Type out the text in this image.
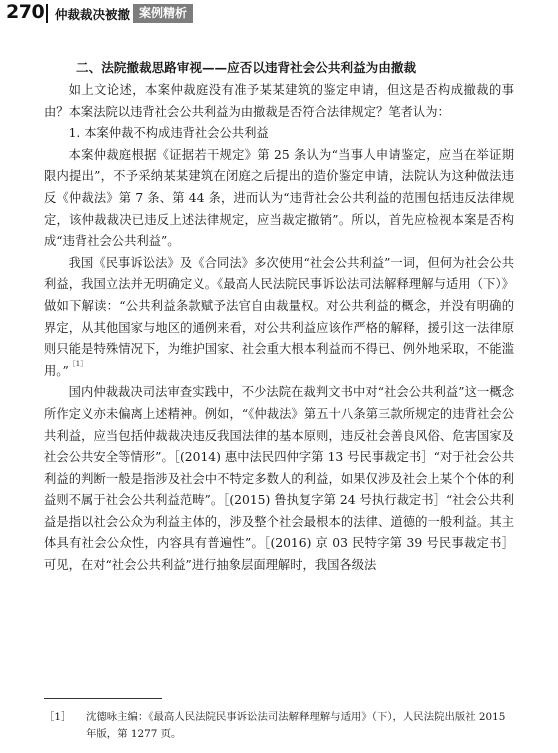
270 仲裁裁决被撤 案例精析
二、法院撤裁思路审视——应否以违背社会公共利益为由撤裁

如上文论述，本案仲裁庭没有准予某某建筑的鉴定申请，但这是否构成撤裁的事由？本案法院以违背社会公共利益为由撤裁是否符合法律规定？笔者认为：

1. 本案仲裁不构成违背社会公共利益

本案仲裁庭根据《证据若干规定》第 25 条认为“当事人申请鉴定，应当在举证期限内提出”，不予采纳某某建筑在闭庭之后提出的造价鉴定申请，法院认为这种做法违反《仲裁法》第 7 条、第 44 条，进而认为“违背社会公共利益的范围包括违反法律规定，该仲裁裁决已违反上述法律规定，应当裁定撤销”。所以，首先应检视本案是否构成“违背社会公共利益”。

我国《民事诉讼法》及《合同法》多次使用“社会公共利益”一词，但何为社会公共利益，我国立法并无明确定义。《最高人民法院民事诉讼法司法解释理解与适用（下）》做如下解读：“公共利益条款赋予法官自由裁量权。对公共利益的概念，并没有明确的界定，从其他国家与地区的通例来看，对公共利益应该作严格的解释，援引这一法律原则只能是特殊情况下，为维护国家、社会重大根本利益而不得已、例外地采取，不能滥用。”$^{[1]}$

国内仲裁裁决司法审查实践中，不少法院在裁判文书中对“社会公共利益”这一概念所作定义亦未偏离上述精神。例如，“《仲裁法》第五十八条第三款所规定的违背社会公共利益，应当包括仲裁裁决违反我国法律的基本原则，违反社会善良风俗、危害国家及社会公共安全等情形”。［(2014) 惠中法民四仲字第 13 号民事裁定书］“对于社会公共利益的判断一般是指涉及社会中不特定多数人的利益，如果仅涉及社会上某个个体的利益则不属于社会公共利益范畴”。［(2015) 鲁执复字第 24 号执行裁定书］“社会公共利益是指以社会公众为利益主体的，涉及整个社会最根本的法律、道德的一般利益。其主体具有社会公众性，内容具有普遍性”。［(2016) 京 03 民特字第 39 号民事裁定书］可见，在对“社会公共利益”进行抽象层面理解时，我国各级法

［1］ 沈德咏主编：《最高人民法院民事诉讼法司法解释理解与适用》（下），人民法院出版社 2015 年版，第 1277 页。
